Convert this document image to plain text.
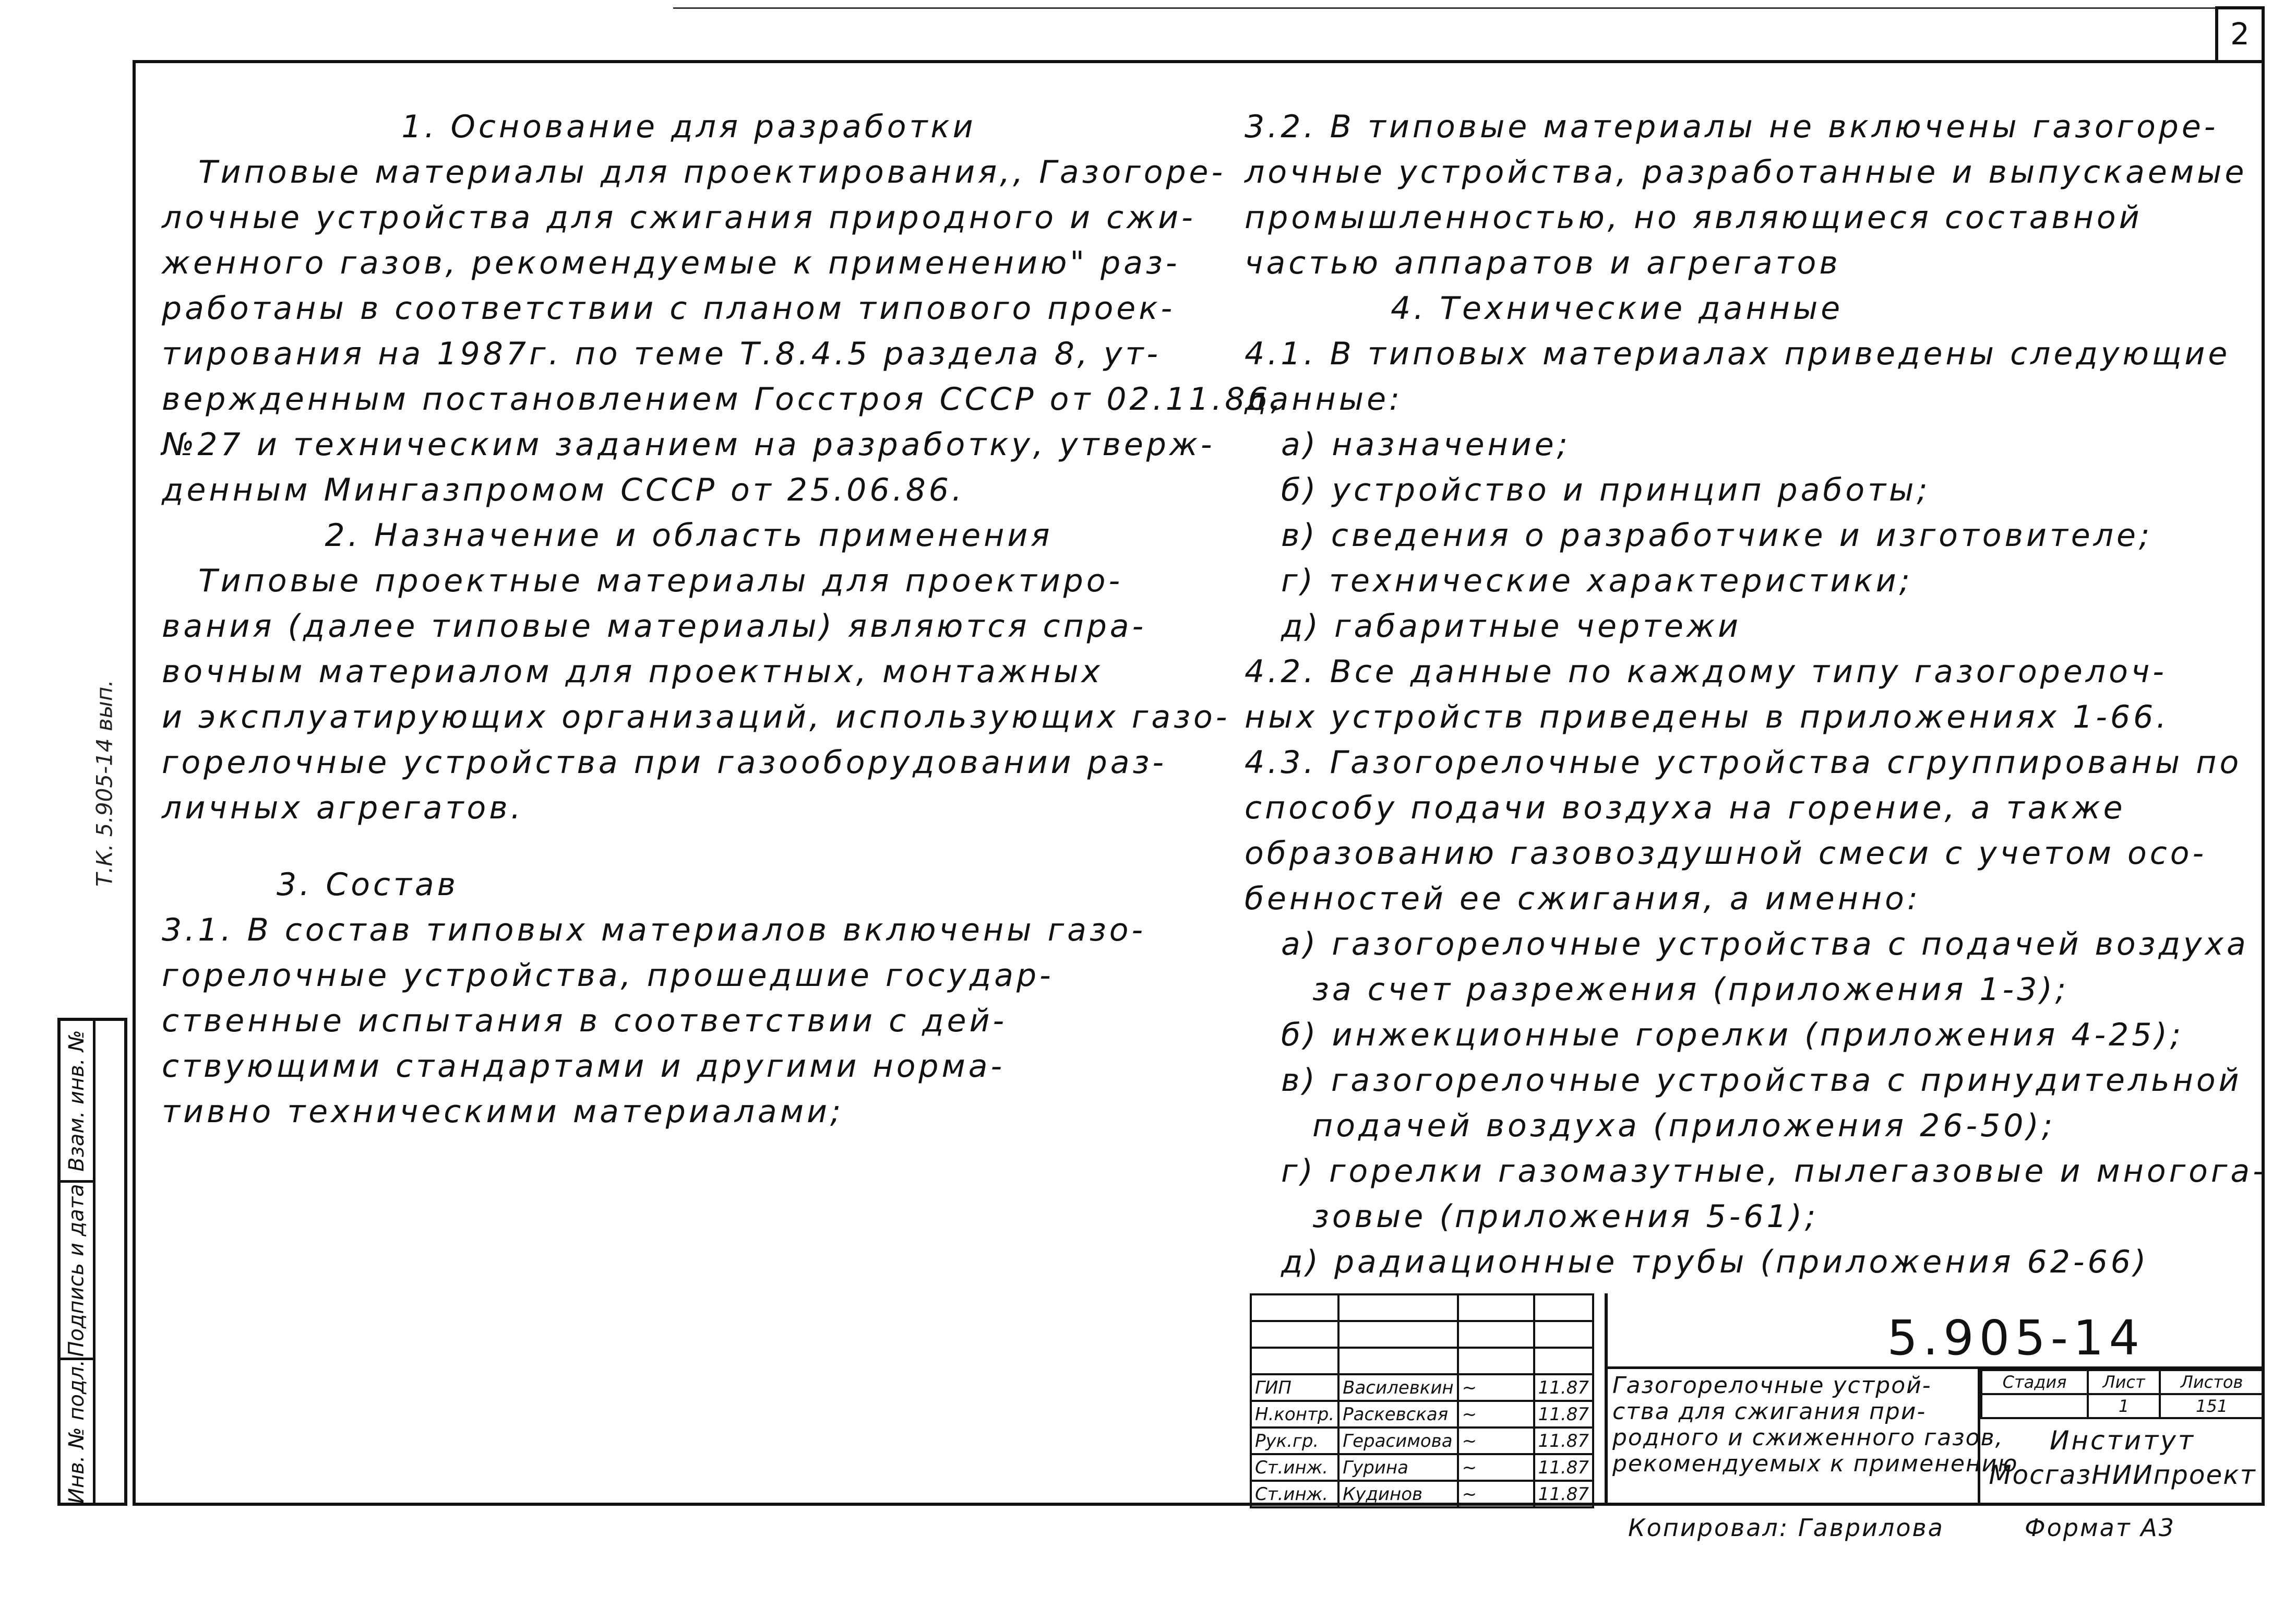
2

1. Основание для разработки

Типовые материалы для проектирования,, Газогоре-

лочные устройства для сжигания природного и сжи-

женного газов, рекомендуемые к применению" раз-

работаны в соответствии с планом типового проек-

тирования на 1987г. по теме Т.8.4.5 раздела 8, ут-

вержденным постановлением Госстроя СССР от 02.11.86,

№27 и техническим заданием на разработку, утверж-

денным Мингазпромом СССР от 25.06.86.

2. Назначение и область применения

Типовые проектные материалы для проектиро-

вания (далее типовые материалы) являются спра-

вочным материалом для проектных, монтажных

и эксплуатирующих организаций, использующих газо-

горелочные устройства при газооборудовании раз-

личных агрегатов.

3. Состав

3.1. В состав типовых материалов включены газо-

горелочные устройства, прошедшие государ-

ственные испытания в соответствии с дей-

ствующими стандартами и другими норма-

тивно техническими материалами;

3.2. В типовые материалы не включены газогоре-

лочные устройства, разработанные и выпускаемые

промышленностью, но являющиеся составной

частью аппаратов и агрегатов

4. Технические данные

4.1. В типовых материалах приведены следующие

данные:

а) назначение;

б) устройство и принцип работы;

в) сведения о разработчике и изготовителе;

г) технические характеристики;

д) габаритные чертежи

4.2. Все данные по каждому типу газогорелоч-

ных устройств приведены в приложениях 1-66.

4.3. Газогорелочные устройства сгруппированы по

способу подачи воздуха на горение, а также

образованию газовоздушной смеси с учетом осо-

бенностей ее сжигания, а именно:

а) газогорелочные устройства с подачей воздуха

за счет разрежения (приложения 1-3);

б) инжекционные горелки (приложения 4-25);

в) газогорелочные устройства с принудительной

подачей воздуха (приложения 26-50);

г) горелки газомазутные, пылегазовые и многога-

зовые (приложения 5-61);

д) радиационные трубы (приложения 62-66)

Т.К. 5.905-14 вып.
Взам. инв. №
Подпись и дата
Инв. № подл.

				ГИП	Василевкин	~	11.87
Н.контр.	Раскевская	~	11.87
Рук.гр.	Герасимова	~	11.87
Ст.инж.	Гурина	~	11.87
Ст.инж.	Кудинов	~	11.87
5.905-14
Газогорелочные устрой-
ства для сжигания при-
родного и сжиженного газов,
рекомендуемых к применению
Стадия	Лист	Листов
	1	151
Институт
МосгазНИИпроект
Копировал: Гаврилова	Формат А3
